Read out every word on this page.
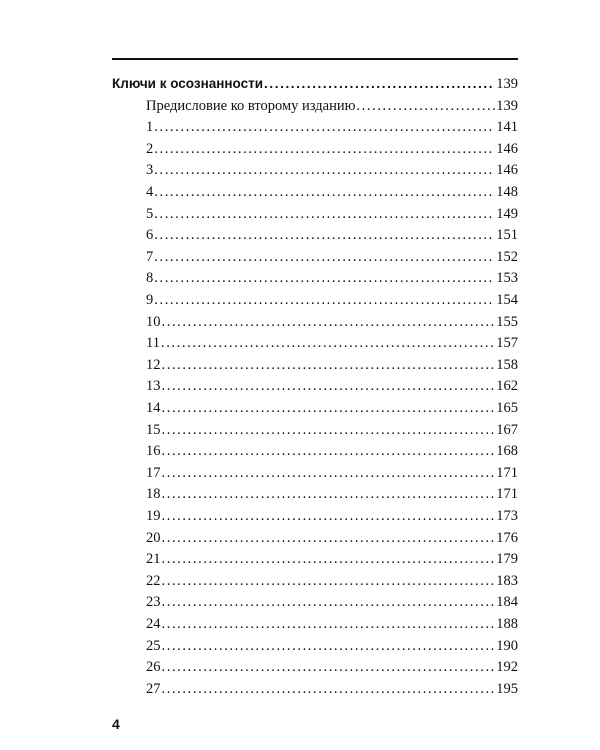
Ключи к осознанности .....	139
Предисловие ко второму изданию .....	139
1 .....	141
2 .....	146
3 .....	146
4 .....	148
5 .....	149
6 .....	151
7 .....	152
8 .....	153
9 .....	154
10 .....	155
11 .....	157
12 .....	158
13 .....	162
14 .....	165
15 .....	167
16 .....	168
17 .....	171
18 .....	171
19 .....	173
20 .....	176
21 .....	179
22 .....	183
23 .....	184
24 .....	188
25 .....	190
26 .....	192
27 .....	195
4
